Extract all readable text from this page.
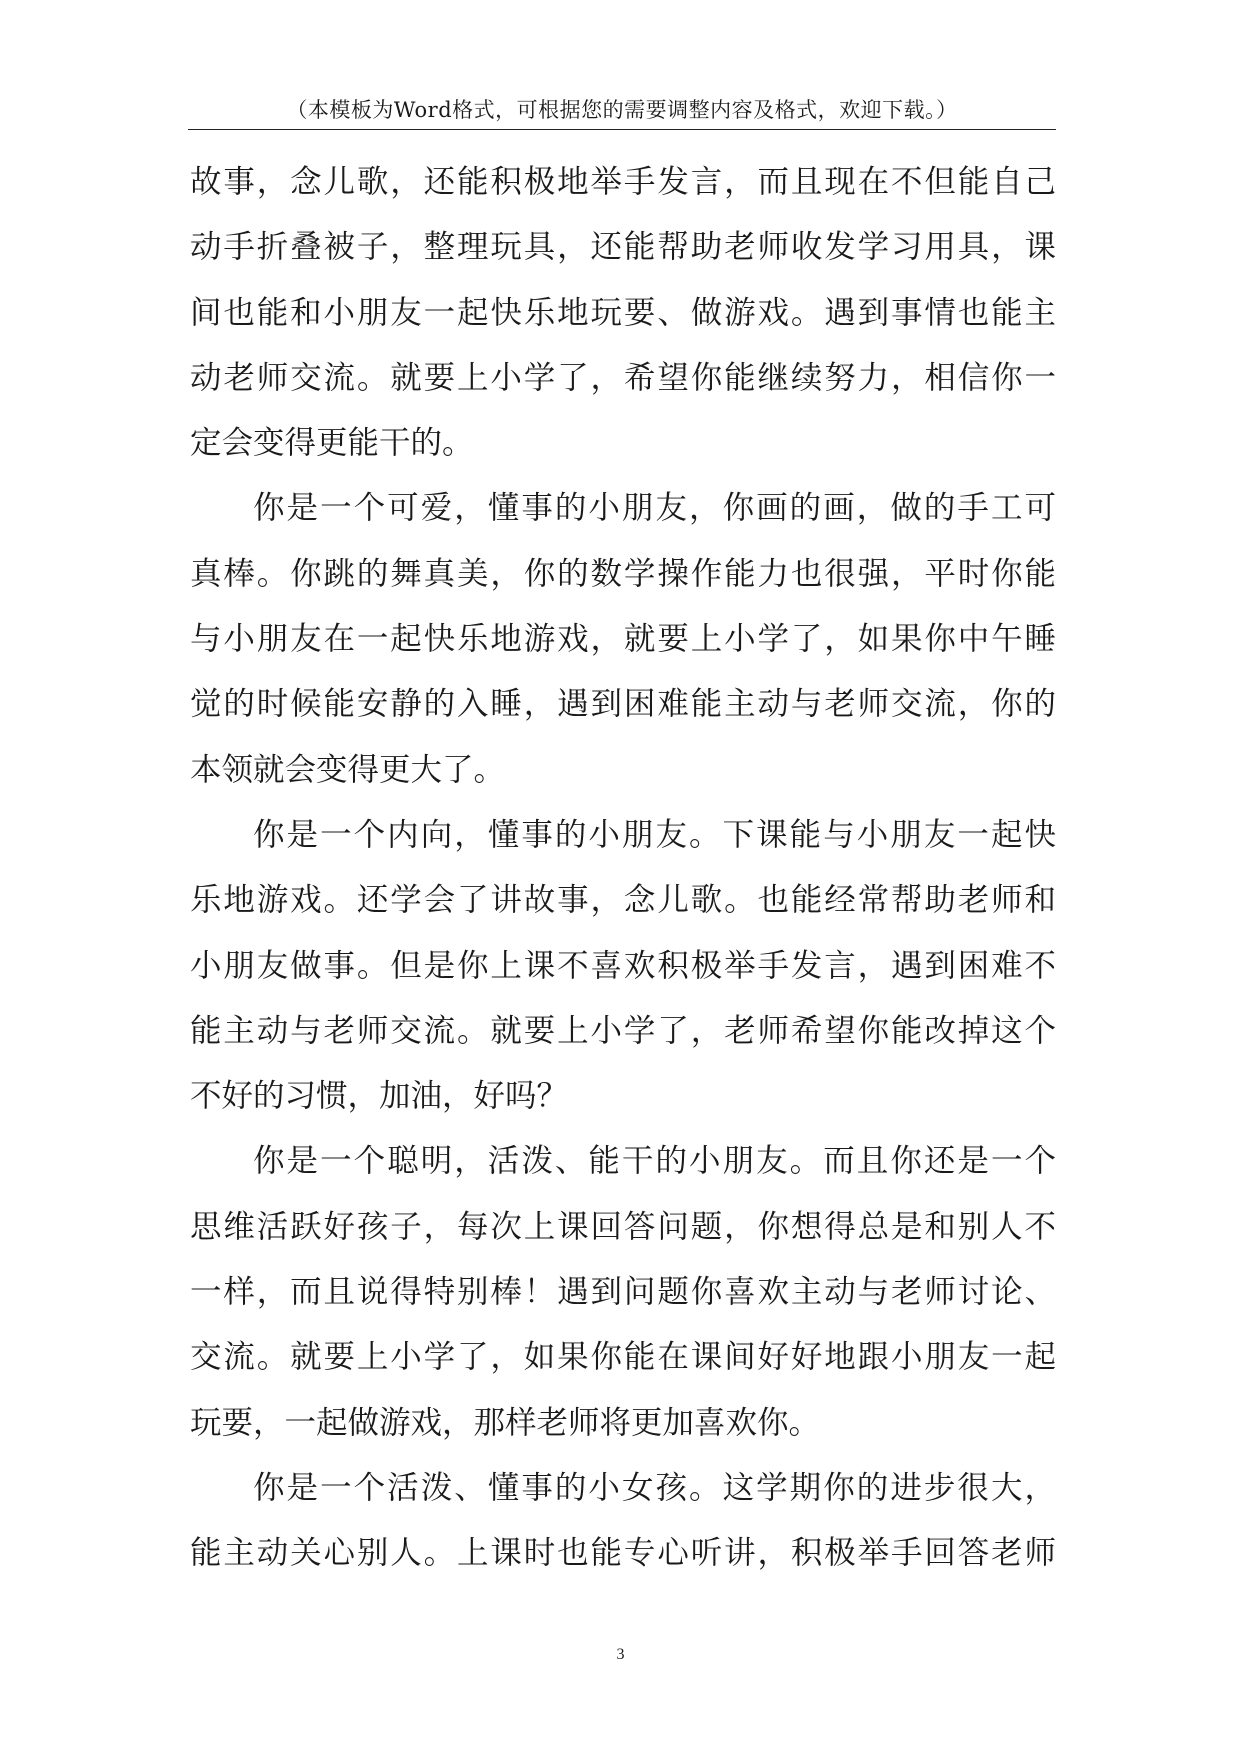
（本模板为Word格式，可根据您的需要调整内容及格式，欢迎下载。）
故事，念儿歌，还能积极地举手发言，而且现在不但能自己
动手折叠被子，整理玩具，还能帮助老师收发学习用具，课
间也能和小朋友一起快乐地玩要、做游戏。遇到事情也能主
动老师交流。就要上小学了，希望你能继续努力，相信你一
定会变得更能干的。
你是一个可爱，懂事的小朋友，你画的画，做的手工可
真棒。你跳的舞真美，你的数学操作能力也很强，平时你能
与小朋友在一起快乐地游戏，就要上小学了，如果你中午睡
觉的时候能安静的入睡，遇到困难能主动与老师交流，你的
本领就会变得更大了。
你是一个内向，懂事的小朋友。下课能与小朋友一起快
乐地游戏。还学会了讲故事，念儿歌。也能经常帮助老师和
小朋友做事。但是你上课不喜欢积极举手发言，遇到困难不
能主动与老师交流。就要上小学了，老师希望你能改掉这个
不好的习惯，加油，好吗？
你是一个聪明，活泼、能干的小朋友。而且你还是一个
思维活跃好孩子，每次上课回答问题，你想得总是和别人不
一样，而且说得特别棒！遇到问题你喜欢主动与老师讨论、
交流。就要上小学了，如果你能在课间好好地跟小朋友一起
玩要，一起做游戏，那样老师将更加喜欢你。
你是一个活泼、懂事的小女孩。这学期你的进步很大，
能主动关心别人。上课时也能专心听讲，积极举手回答老师
3
